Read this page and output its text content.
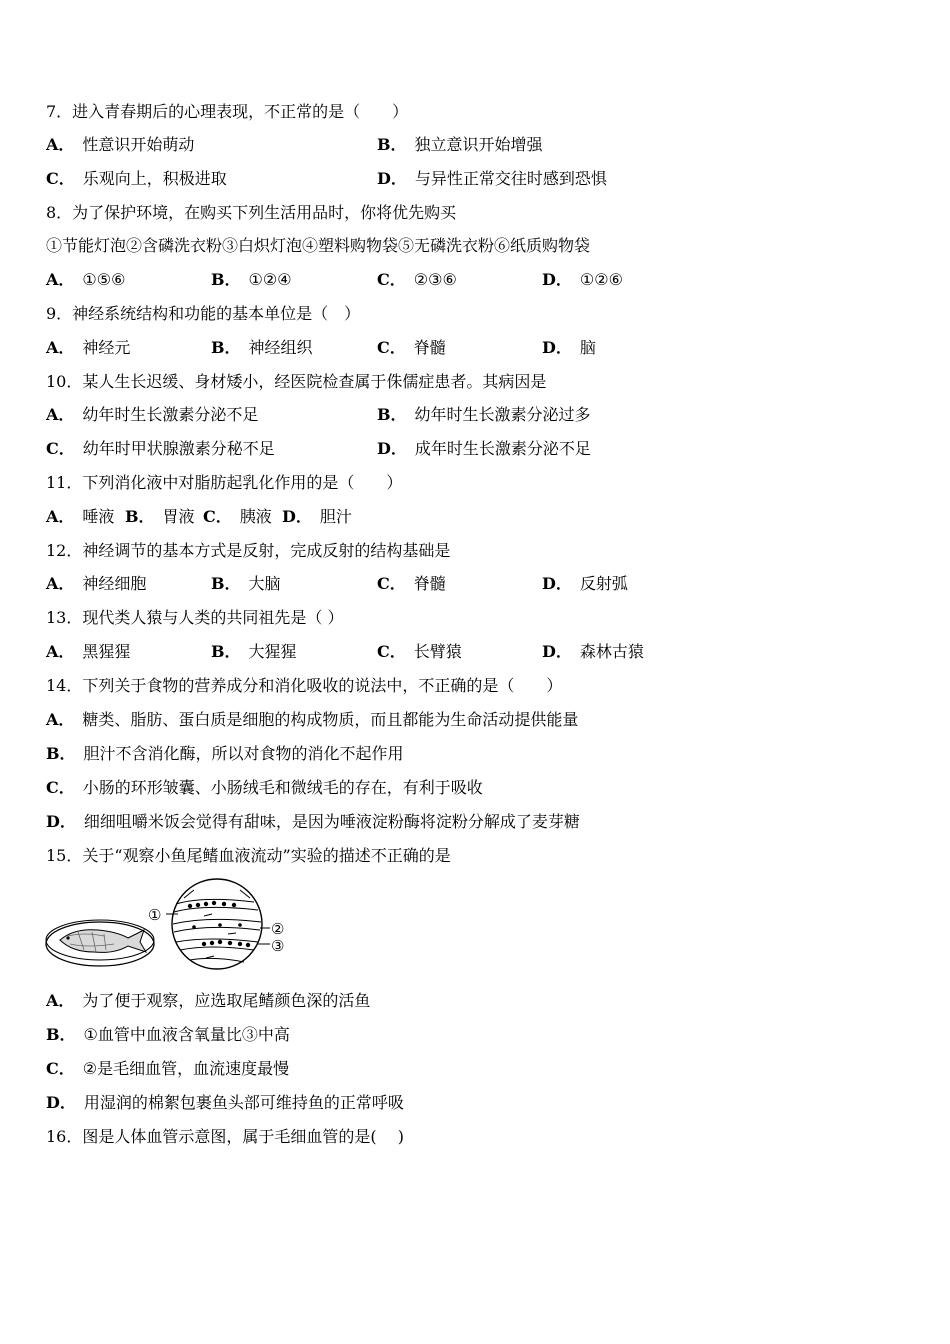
7．进入青春期后的心理表现，不正常的是（　　）
A． 性意识开始萌动	B． 独立意识开始增强
C． 乐观向上，积极进取	D． 与异性正常交往时感到恐惧
8．为了保护环境，在购买下列生活用品时，你将优先购买
①节能灯泡②含磷洗衣粉③白炽灯泡④塑料购物袋⑤无磷洗衣粉⑥纸质购物袋
A． ①⑤⑥	B． ①②④	C． ②③⑥	D． ①②⑥
9．神经系统结构和功能的基本单位是（　）
A． 神经元	B． 神经组织	C． 脊髓	D． 脑
10．某人生长迟缓、身材矮小，经医院检查属于侏儒症患者。其病因是
A． 幼年时生长激素分泌不足	B． 幼年时生长激素分泌过多
C． 幼年时甲状腺激素分秘不足	D． 成年时生长激素分泌不足
11．下列消化液中对脂肪起乳化作用的是（　　）
A． 唾液 B． 胃液 C． 胰液 D． 胆汁
12．神经调节的基本方式是反射，完成反射的结构基础是
A． 神经细胞	B． 大脑	C． 脊髓	D． 反射弧
13．现代类人猿与人类的共同祖先是（ ）
A． 黑猩猩	B． 大猩猩	C． 长臂猿	D． 森林古猿
14．下列关于食物的营养成分和消化吸收的说法中，不正确的是（　　）
A． 糖类、脂肪、蛋白质是细胞的构成物质，而且都能为生命活动提供能量
B． 胆汁不含消化酶，所以对食物的消化不起作用
C． 小肠的环形皱囊、小肠绒毛和微绒毛的存在，有利于吸收
D． 细细咀嚼米饭会觉得有甜味，是因为唾液淀粉酶将淀粉分解成了麦芽糖
15．关于“观察小鱼尾鳍血液流动”实验的描述不正确的是
①
②
③
A． 为了便于观察，应选取尾鳍颜色深的活鱼
B． ①血管中血液含氧量比③中高
C． ②是毛细血管，血流速度最慢
D． 用湿润的棉絮包裹鱼头部可维持鱼的正常呼吸
16．图是人体血管示意图，属于毛细血管的是(　 )
